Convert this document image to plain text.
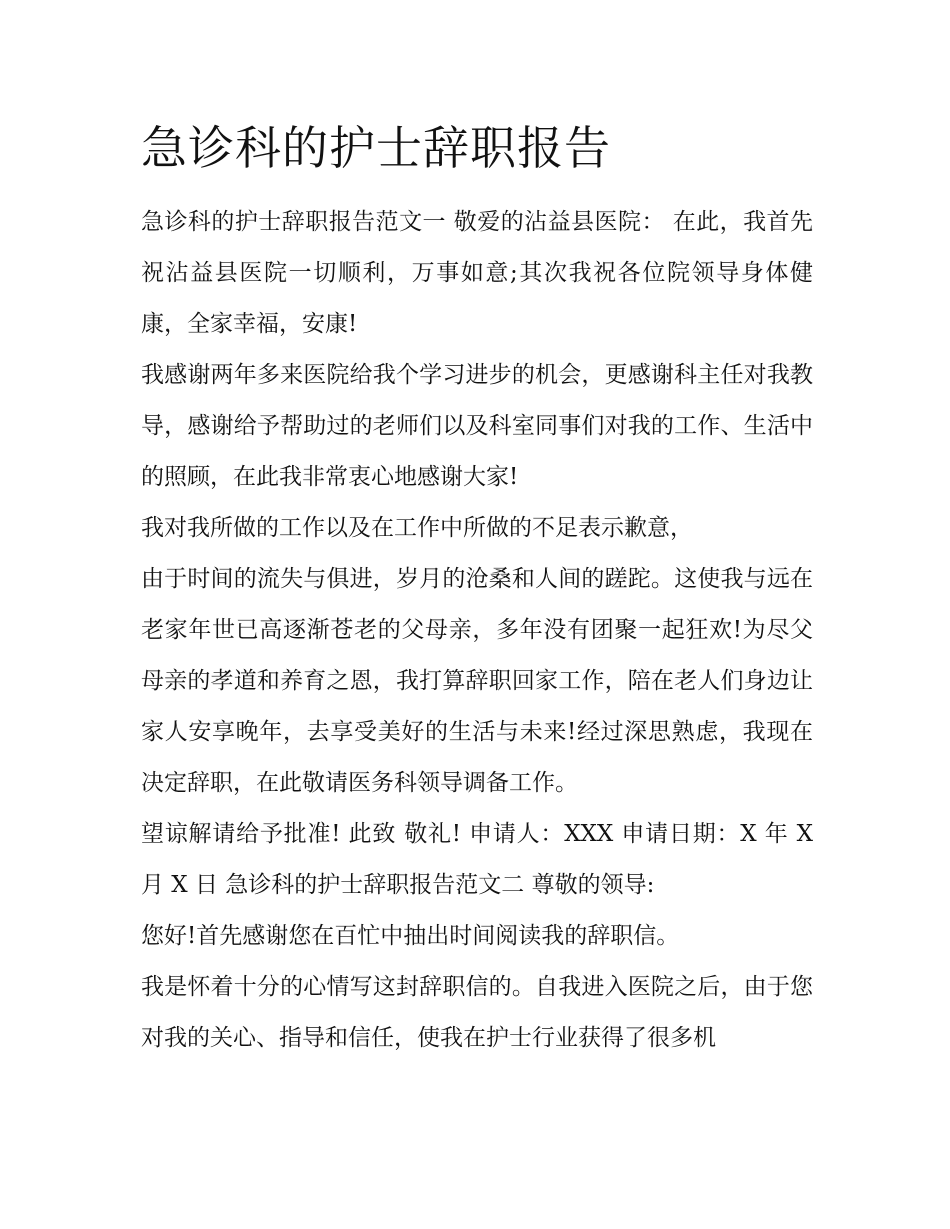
急诊科的护士辞职报告

急诊科的护士辞职报告范文一 敬爱的沾益县医院： 在此，我首先祝沾益县医院一切顺利，万事如意;其次我祝各位院领导身体健康，全家幸福，安康!

我感谢两年多来医院给我个学习进步的机会，更感谢科主任对我教导，感谢给予帮助过的老师们以及科室同事们对我的工作、生活中的照顾，在此我非常衷心地感谢大家!

我对我所做的工作以及在工作中所做的不足表示歉意，

由于时间的流失与俱进，岁月的沧桑和人间的蹉跎。这使我与远在老家年世已高逐渐苍老的父母亲，多年没有团聚一起狂欢!为尽父母亲的孝道和养育之恩，我打算辞职回家工作，陪在老人们身边让家人安享晚年，去享受美好的生活与未来!经过深思熟虑，我现在决定辞职，在此敬请医务科领导调备工作。

望谅解请给予批准! 此致 敬礼! 申请人：XXX 申请日期：X 年 X 月 X 日 急诊科的护士辞职报告范文二 尊敬的领导:

您好!首先感谢您在百忙中抽出时间阅读我的辞职信。

我是怀着十分的心情写这封辞职信的。自我进入医院之后，由于您对我的关心、指导和信任，使我在护士行业获得了很多机
